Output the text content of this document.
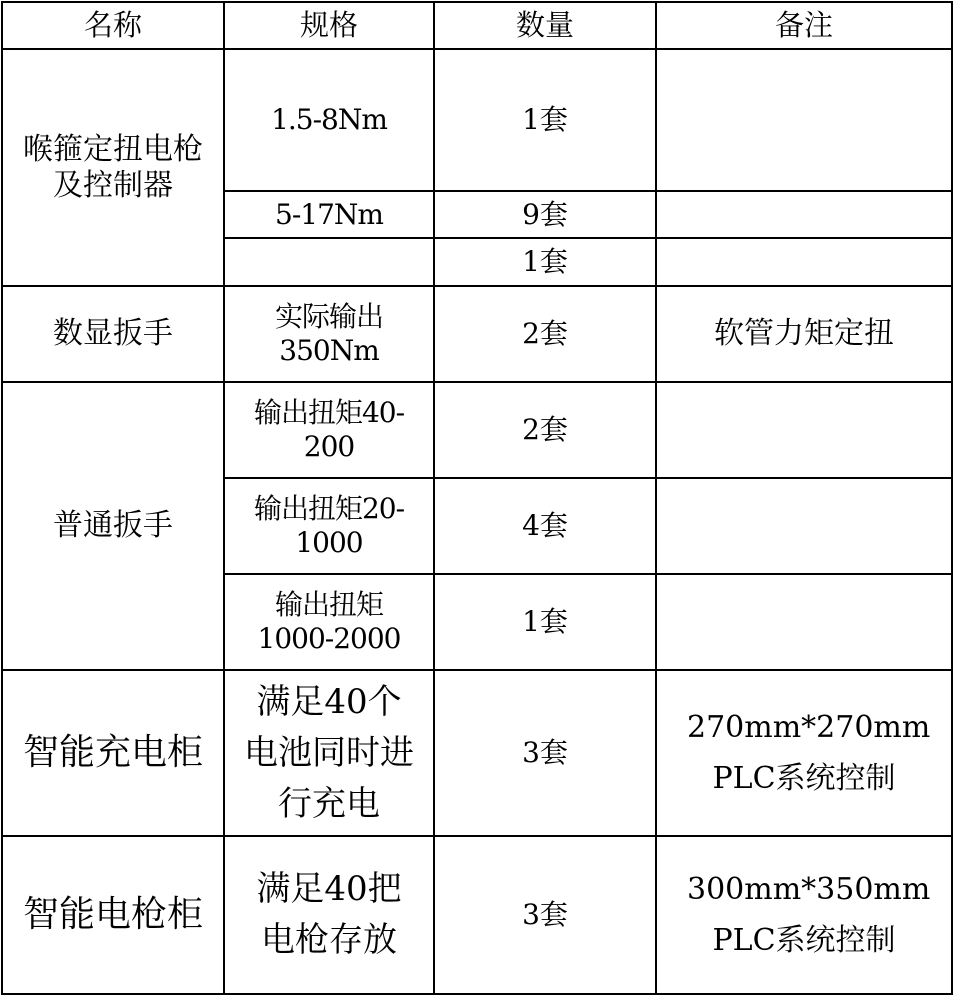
名称	规格	数量	备注
喉箍定扭电枪及控制器	1.5-8Nm	1套	
	5-17Nm	9套	
		1套	
数显扳手	实际输出350Nm	2套	软管力矩定扭
普通扳手	输出扭矩40-200	2套	
	输出扭矩20-1000	4套	
	输出扭矩1000-2000	1套	
智能充电柜	满足40个电池同时进行充电	3套	270mm*270mm PLC系统控制
智能电枪柜	满足40把电枪存放	3套	300mm*350mm PLC系统控制
